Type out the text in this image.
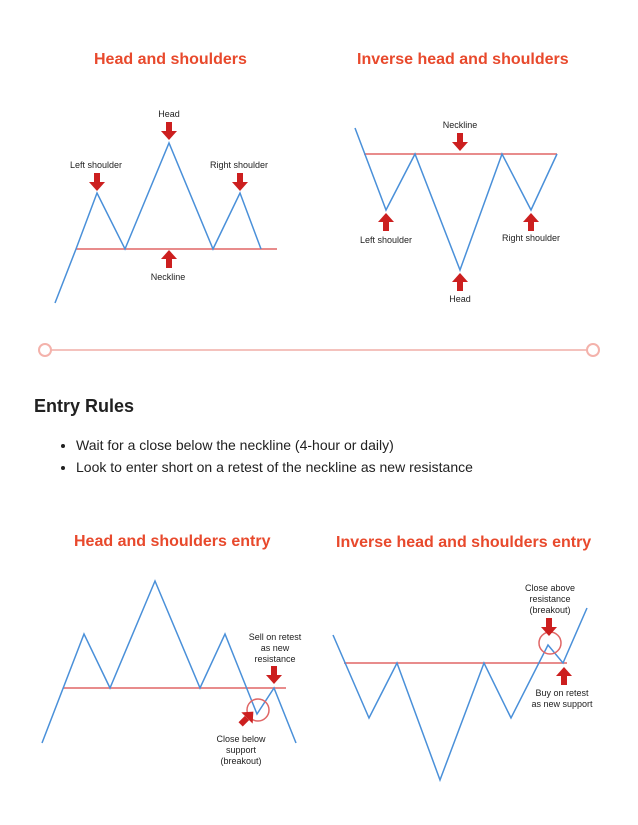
Head and shoulders
Head
Left shoulder	Right shoulder
Neckline
Inverse head and shoulders
Neckline
Left shoulder	Right shoulder
Head
Entry Rules
• Wait for a close below the neckline (4-hour or daily)
• Look to enter short on a retest of the neckline as new resistance
Head and shoulders entry
Sell on retest
as new
resistance
Close below
support
(breakout)
Inverse head and shoulders entry
Close above
resistance
(breakout)
Buy on retest
as new support
